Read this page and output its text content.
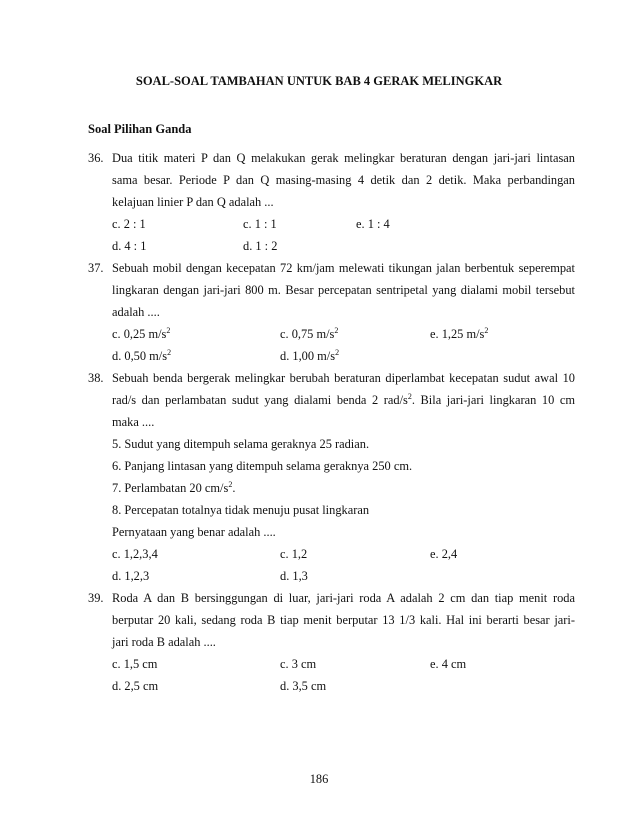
SOAL-SOAL TAMBAHAN UNTUK BAB 4 GERAK MELINGKAR
Soal Pilihan Ganda
36. Dua titik materi P dan Q melakukan gerak melingkar beraturan dengan jari-jari lintasan
sama besar. Periode P dan Q masing-masing 4 detik dan 2 detik. Maka perbandingan
kelajuan linier P dan Q adalah ...
c. 2 : 1	c. 1 : 1	e. 1 : 4
d. 4 : 1	d. 1 : 2
37. Sebuah mobil dengan kecepatan 72 km/jam melewati tikungan jalan berbentuk seperempat
lingkaran dengan jari-jari 800 m. Besar percepatan sentripetal yang dialami mobil tersebut
adalah ....
c. 0,25 $m/s^2$	c. 0,75 $m/s^2$	e. 1,25 $m/s^2$
d. 0,50 $m/s^2$	d. 1,00 $m/s^2$
38. Sebuah benda bergerak melingkar berubah beraturan diperlambat kecepatan sudut awal 10
rad/s dan perlambatan sudut yang dialami benda 2 rad/$s^2$. Bila jari-jari lingkaran 10 cm
maka ....
5. Sudut yang ditempuh selama geraknya 25 radian.
6. Panjang lintasan yang ditempuh selama geraknya 250 cm.
7. Perlambatan 20 $cm/s^2$.
8. Percepatan totalnya tidak menuju pusat lingkaran
Pernyataan yang benar adalah ....
c. 1,2,3,4	c. 1,2	e. 2,4
d. 1,2,3	d. 1,3
39. Roda A dan B bersinggungan di luar, jari-jari roda A adalah 2 cm dan tiap menit roda
berputar 20 kali, sedang roda B tiap menit berputar 13 1/3 kali. Hal ini berarti besar jari-
jari roda B adalah ....
c. 1,5 cm	c. 3 cm	e. 4 cm
d. 2,5 cm	d. 3,5 cm
186
